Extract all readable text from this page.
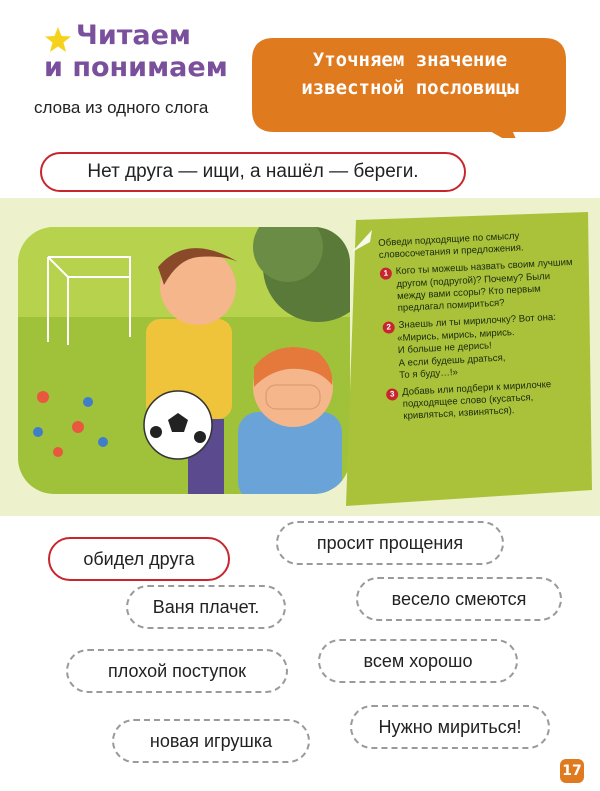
Читаем
и понимаем
слова из одного слога
Уточняем значение
известной пословицы
Нет друга — ищи, а нашёл — береги.
Обведи подходящие по смыслу словосочетания и предложения.
1 Кого ты можешь назвать своим лучшим другом (подругой)? Почему? Были между вами ссоры? Кто первым предлагал помириться?
2 Знаешь ли ты мирилочку? Вот она:
«Мирись, мирись, мирись.
И больше не дерись!
А если будешь драться,
То я буду…!»
3 Добавь или подбери к мирилочке подходящее слово (кусаться, кривляться, извиняться).
обидел друга
просит прощения
Ваня плачет.	весело смеются
плохой поступок	всем хорошо
новая игрушка
Нужно мириться!
17
